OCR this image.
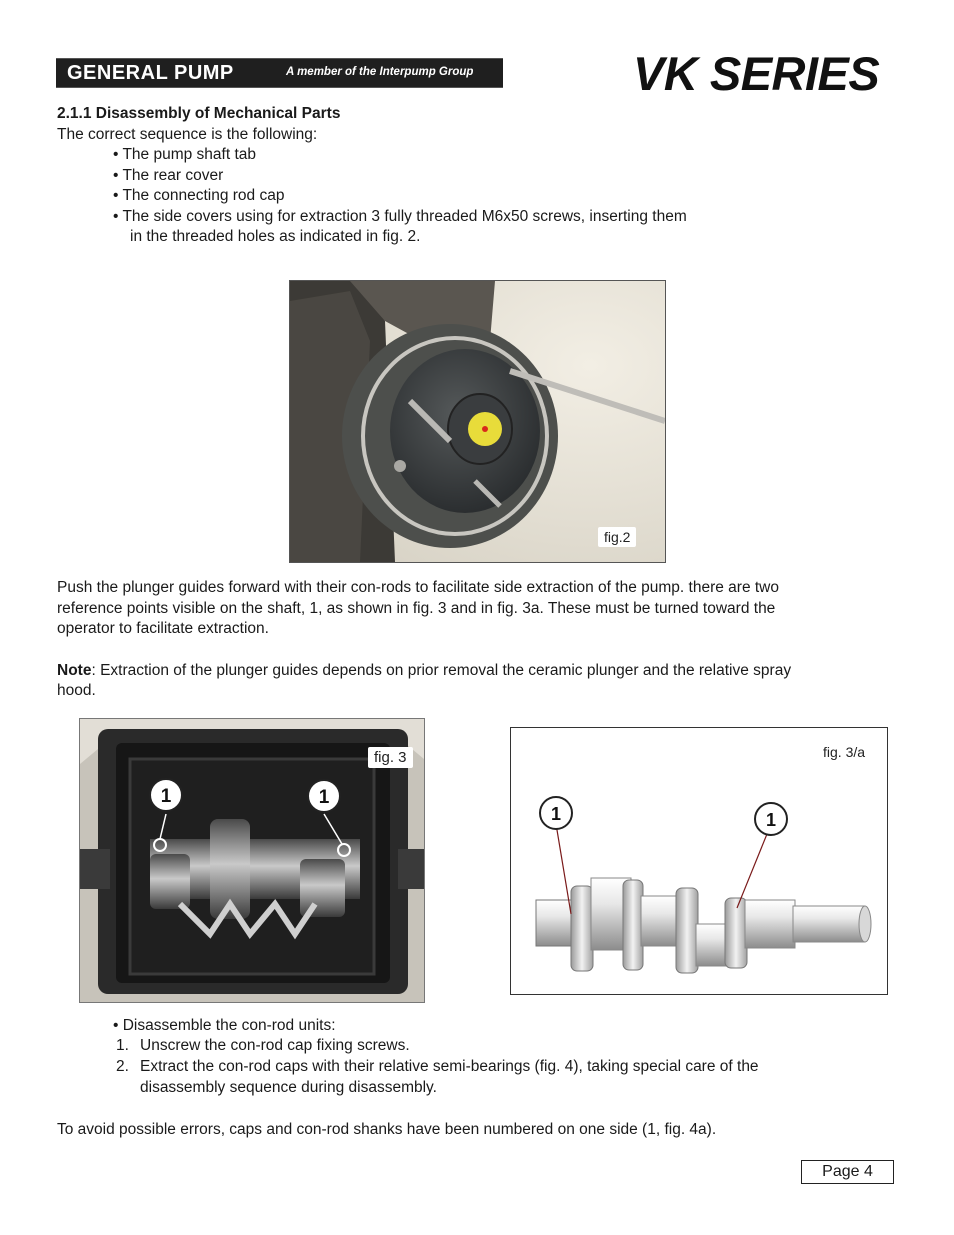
GENERAL PUMP	A member of the Interpump Group	VK SERIES
2.1.1 Disassembly of Mechanical Parts
The correct sequence is the following:
• The pump shaft tab
• The rear cover
• The connecting rod cap
• The side covers using for extraction 3 fully threaded M6x50 screws, inserting them
in the threaded holes as indicated in fig. 2.
fig.2
Push the plunger guides forward with their con-rods to facilitate side extraction of the pump. there are two
reference points visible on the shaft, 1, as shown in fig. 3 and in fig. 3a. These must be turned toward the
operator to facilitate extraction.
Note: Extraction of the plunger guides depends on prior removal the ceramic plunger and the relative spray
hood.
1	1
fig. 3
1	1
fig. 3/a
• Disassemble the con-rod units:
1. Unscrew the con-rod cap fixing screws.
2. Extract the con-rod caps with their relative semi-bearings (fig. 4), taking special care of the
disassembly sequence during disassembly.
To avoid possible errors, caps and con-rod shanks have been numbered on one side (1, fig. 4a).
Page 4
